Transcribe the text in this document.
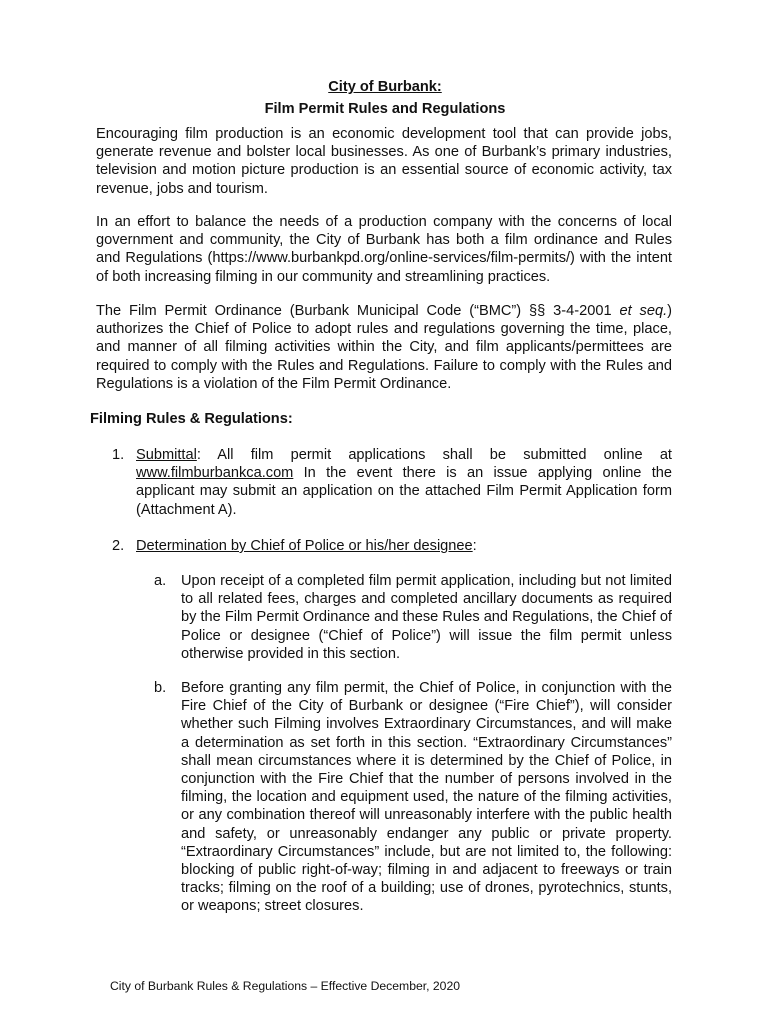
City of Burbank:
Film Permit Rules and Regulations

Encouraging film production is an economic development tool that can provide jobs, generate revenue and bolster local businesses. As one of Burbank’s primary industries, television and motion picture production is an essential source of economic activity, tax revenue, jobs and tourism.

In an effort to balance the needs of a production company with the concerns of local government and community, the City of Burbank has both a film ordinance and Rules and Regulations (https://www.burbankpd.org/online-services/film-permits/) with the intent of both increasing filming in our community and streamlining practices.

The Film Permit Ordinance (Burbank Municipal Code (“BMC”) §§ 3-4-2001 et seq.) authorizes the Chief of Police to adopt rules and regulations governing the time, place, and manner of all filming activities within the City, and film applicants/permittees are required to comply with the Rules and Regulations. Failure to comply with the Rules and Regulations is a violation of the Film Permit Ordinance.

Filming Rules & Regulations:

1. Submittal: All film permit applications shall be submitted online at www.filmburbankca.com In the event there is an issue applying online the applicant may submit an application on the attached Film Permit Application form (Attachment A).
2. Determination by Chief of Police or his/her designee:
a.	Upon receipt of a completed film permit application, including but not limited to all related fees, charges and completed ancillary documents as required by the Film Permit Ordinance and these Rules and Regulations, the Chief of Police or designee (“Chief of Police”) will issue the film permit unless otherwise provided in this section.
b.	Before granting any film permit, the Chief of Police, in conjunction with the Fire Chief of the City of Burbank or designee (“Fire Chief”), will consider whether such Filming involves Extraordinary Circumstances, and will make a determination as set forth in this section. “Extraordinary Circumstances” shall mean circumstances where it is determined by the Chief of Police, in conjunction with the Fire Chief that the number of persons involved in the filming, the location and equipment used, the nature of the filming activities, or any combination thereof will unreasonably interfere with the public health and safety, or unreasonably endanger any public or private property. “Extraordinary Circumstances” include, but are not limited to, the following: blocking of public right-of-way; filming in and adjacent to freeways or train tracks; filming on the roof of a building; use of drones, pyrotechnics, stunts, or weapons; street closures.
City of Burbank Rules & Regulations – Effective December, 2020
